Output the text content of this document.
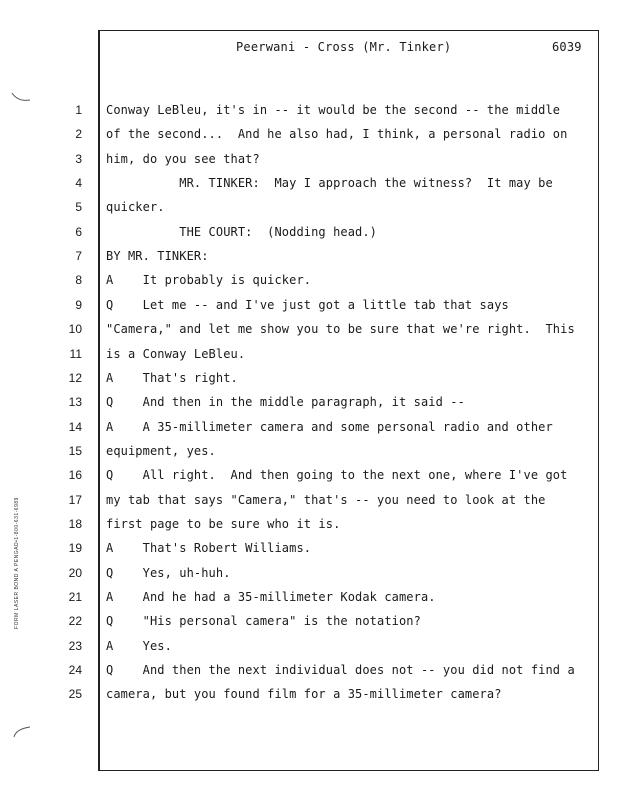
FORM LASER BOND A PENGAD•1-800-631-6989
Peerwani - Cross (Mr. Tinker)	6039
1 Conway LeBleu, it's in -- it would be the second -- the middle
2 of the second...  And he also had, I think, a personal radio on
3 him, do you see that?
4 MR. TINKER:  May I approach the witness?  It may be
5 quicker.
6 THE COURT:  (Nodding head.)
7 BY MR. TINKER:
8 A    It probably is quicker.
9 Q    Let me -- and I've just got a little tab that says
10 "Camera," and let me show you to be sure that we're right.  This
11 is a Conway LeBleu.
12 A    That's right.
13 Q    And then in the middle paragraph, it said --
14 A    A 35-millimeter camera and some personal radio and other
15 equipment, yes.
16 Q    All right.  And then going to the next one, where I've got
17 my tab that says "Camera," that's -- you need to look at the
18 first page to be sure who it is.
19 A    That's Robert Williams.
20 Q    Yes, uh-huh.
21 A    And he had a 35-millimeter Kodak camera.
22 Q    "His personal camera" is the notation?
23 A    Yes.
24 Q    And then the next individual does not -- you did not find a
25 camera, but you found film for a 35-millimeter camera?
